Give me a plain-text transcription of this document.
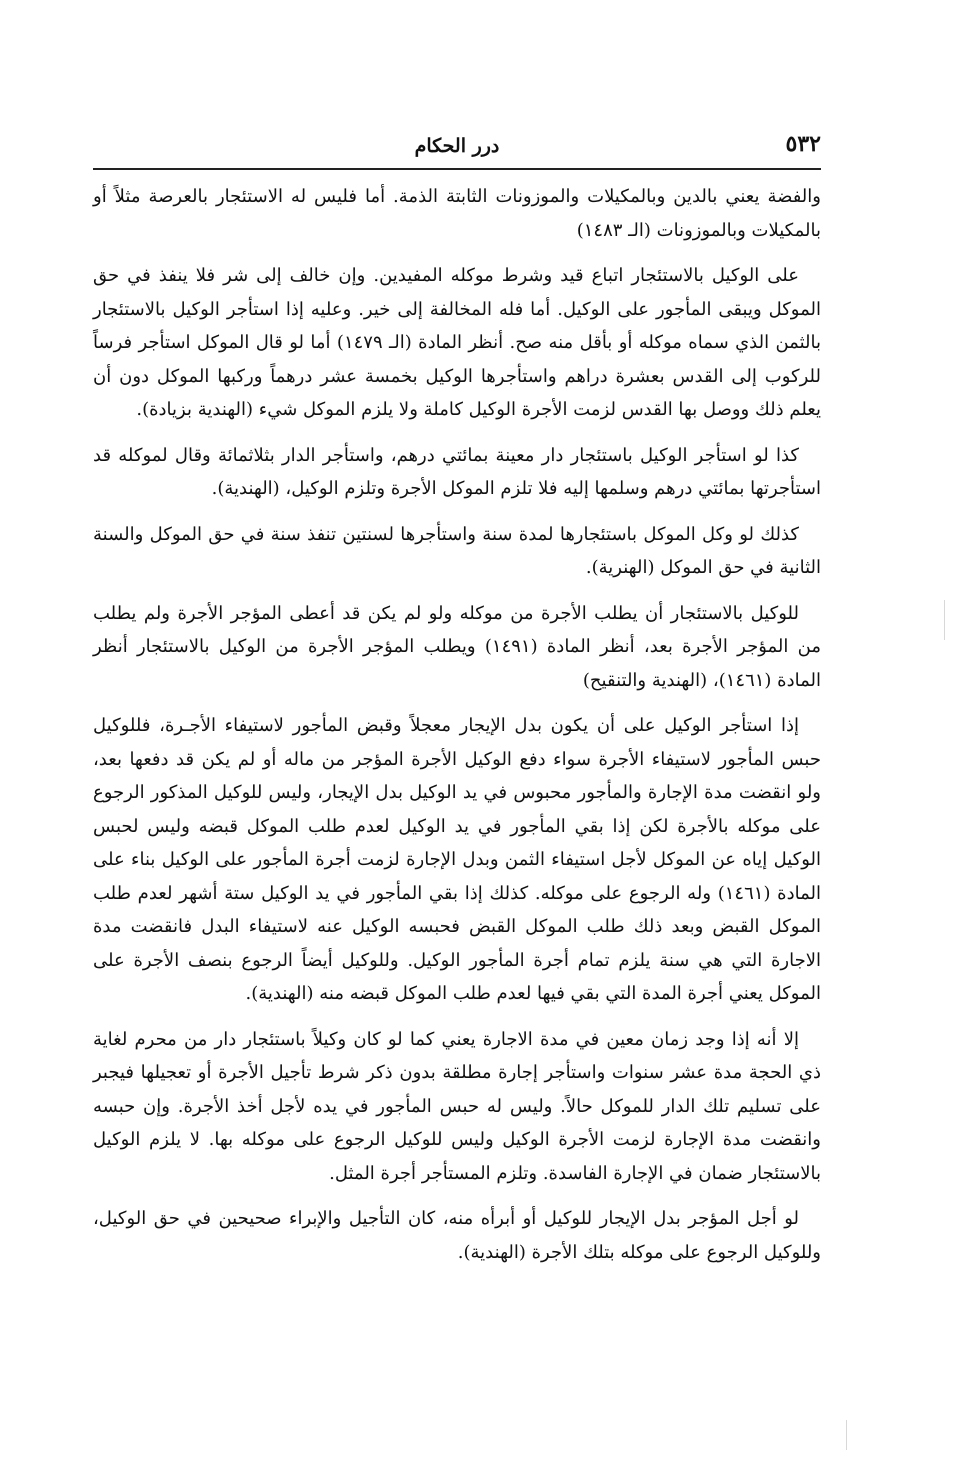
٥٣٢
درر الحكام

والفضة يعني بالدين وبالمكيلات والموزونات الثابتة الذمة. أما فليس له الاستئجار بالعرصة مثلاً أو بالمكيلات وبالموزونات (الـ ١٤٨٣)

على الوكيل بالاستئجار اتباع قيد وشرط موكله المفيدين. وإن خالف إلى شر فلا ينفذ في حق الموكل ويبقى المأجور على الوكيل. أما فله المخالفة إلى خير. وعليه إذا استأجر الوكيل بالاستئجار بالثمن الذي سماه موكله أو بأقل منه صح. أنظر المادة (الـ ١٤٧٩) أما لو قال الموكل استأجر فرساً للركوب إلى القدس بعشرة دراهم واستأجرها الوكيل بخمسة عشر درهماً وركبها الموكل دون أن يعلم ذلك ووصل بها القدس لزمت الأجرة الوكيل كاملة ولا يلزم الموكل شيء (الهندية بزيادة).

كذا لو استأجر الوكيل باستئجار دار معينة بمائتي درهم، واستأجر الدار بثلاثمائة وقال لموكله قد استأجرتها بمائتي درهم وسلمها إليه فلا تلزم الموكل الأجرة وتلزم الوكيل، (الهندية).

كذلك لو وكل الموكل باستئجارها لمدة سنة واستأجرها لسنتين تنفذ سنة في حق الموكل والسنة الثانية في حق الموكل (الهنرية).

للوكيل بالاستئجار أن يطلب الأجرة من موكله ولو لم يكن قد أعطى المؤجر الأجرة ولم يطلب من المؤجر الأجرة بعد، أنظر المادة (١٤٩١) ويطلب المؤجر الأجرة من الوكيل بالاستئجار أنظر المادة (١٤٦١)، (الهندية والتنقيح)

إذا استأجر الوكيل على أن يكون بدل الإيجار معجلاً وقبض المأجور لاستيفاء الأجـرة، فللوكيل حبس المأجور لاستيفاء الأجرة سواء دفع الوكيل الأجرة المؤجر من ماله أو لم يكن قد دفعها بعد، ولو انقضت مدة الإجارة والمأجور محبوس في يد الوكيل بدل الإيجار، وليس للوكيل المذكور الرجوع على موكله بالأجرة لكن إذا بقي المأجور في يد الوكيل لعدم طلب الموكل قبضه وليس لحبس الوكيل إياه عن الموكل لأجل استيفاء الثمن وبدل الإجارة لزمت أجرة المأجور على الوكيل بناء على المادة (١٤٦١) وله الرجوع على موكله. كذلك إذا بقي المأجور في يد الوكيل ستة أشهر لعدم طلب الموكل القبض وبعد ذلك طلب الموكل القبض فحبسه الوكيل عنه لاستيفاء البدل فانقضت مدة الاجارة التي هي سنة يلزم تمام أجرة المأجور الوكيل. وللوكيل أيضاً الرجوع بنصف الأجرة على الموكل يعني أجرة المدة التي بقي فيها لعدم طلب الموكل قبضه منه (الهندية).

إلا أنه إذا وجد زمان معين في مدة الاجارة يعني كما لو كان وكيلاً باستئجار دار من محرم لغاية ذي الحجة مدة عشر سنوات واستأجر إجارة مطلقة بدون ذكر شرط تأجيل الأجرة أو تعجيلها فيجبر على تسليم تلك الدار للموكل حالاً. وليس له حبس المأجور في يده لأجل أخذ الأجرة. وإن حبسه وانقضت مدة الإجارة لزمت الأجرة الوكيل وليس للوكيل الرجوع على موكله بها. لا يلزم الوكيل بالاستئجار ضمان في الإجارة الفاسدة. وتلزم المستأجر أجرة المثل.

لو أجل المؤجر بدل الإيجار للوكيل أو أبرأه منه، كان التأجيل والإبراء صحيحين في حق الوكيل، وللوكيل الرجوع على موكله بتلك الأجرة (الهندية).
